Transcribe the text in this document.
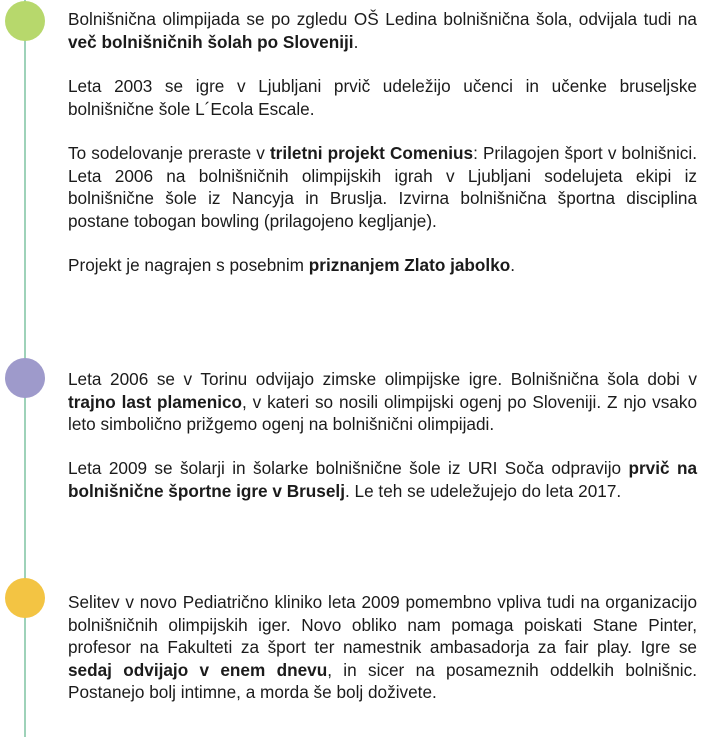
Bolnišnična olimpijada se po zgledu OŠ Ledina bolnišnična šola, odvijala tudi na več bolnišničnih šolah po Sloveniji.

Leta 2003 se igre v Ljubljani prvič udeležijo učenci in učenke bruseljske bolnišnične šole L´Ecola Escale.

To sodelovanje preraste v triletni projekt Comenius: Prilagojen šport v bolnišnici. Leta 2006 na bolnišničnih olimpijskih igrah v Ljubljani sodelujeta ekipi iz bolnišnične šole iz Nancyja in Bruslja. Izvirna bolnišnična športna disciplina postane tobogan bowling (prilagojeno kegljanje).

Projekt je nagrajen s posebnim priznanjem Zlato jabolko.

Leta 2006 se v Torinu odvijajo zimske olimpijske igre. Bolnišnična šola dobi v trajno last plamenico, v kateri so nosili olimpijski ogenj po Sloveniji. Z njo vsako leto simbolično prižgemo ogenj na bolnišnični olimpijadi.

Leta 2009 se šolarji in šolarke bolnišnične šole iz URI Soča odpravijo prvič na bolnišnične športne igre v Bruselj. Le teh se udeležujejo do leta 2017.

Selitev v novo Pediatrično kliniko leta 2009 pomembno vpliva tudi na organizacijo bolnišničnih olimpijskih iger. Novo obliko nam pomaga poiskati Stane Pinter, profesor na Fakulteti za šport ter namestnik ambasadorja za fair play. Igre se sedaj odvijajo v enem dnevu, in sicer na posameznih oddelkih bolnišnic. Postanejo bolj intimne, a morda še bolj doživete.
